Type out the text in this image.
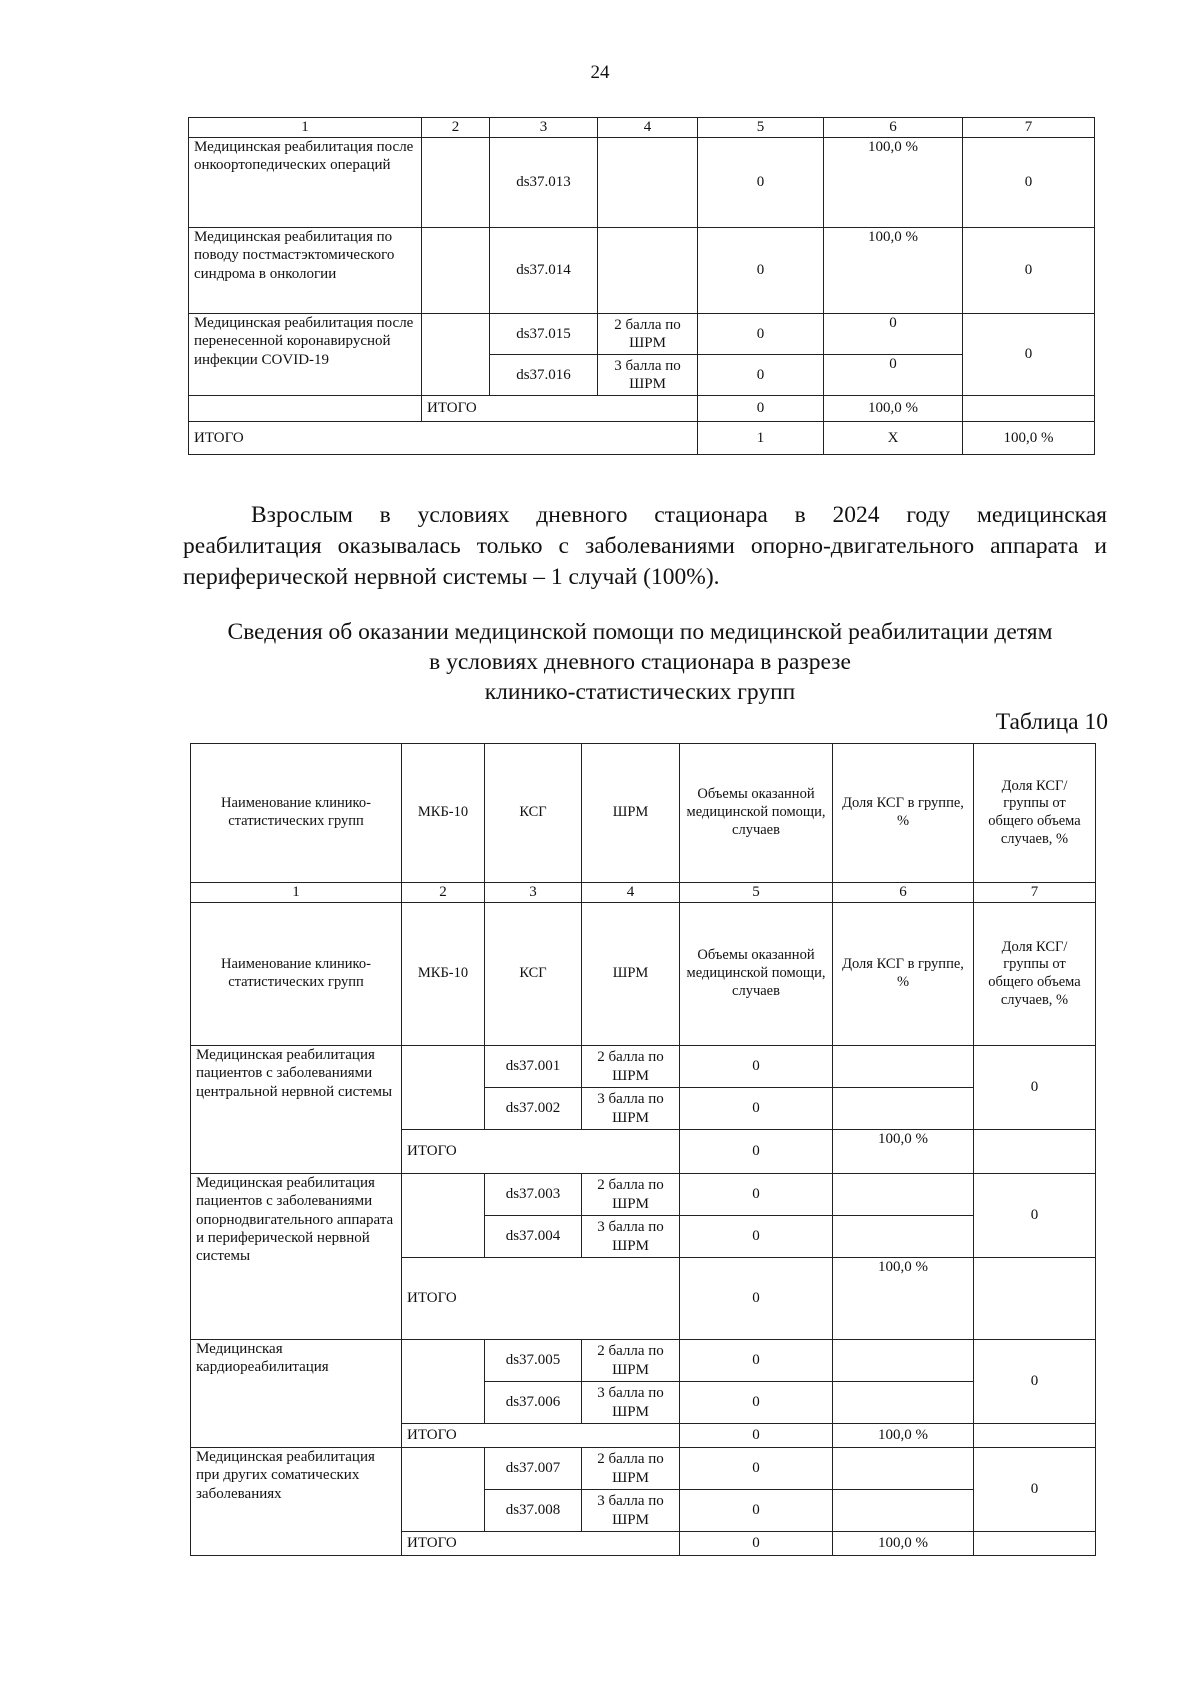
24
1	2	3	4	5	6	7
Медицинская реабилитация после онкоортопедических операций		ds37.013		0	100,0 %	0
Медицинская реабилитация по поводу постмастэктомического синдрома в онкологии		ds37.014		0	100,0 %	0
Медицинская реабилитация после перенесенной коронавирусной инфекции COVID-19		ds37.015	2 балла по ШРМ	0	0	0
		ds37.016	3 балла по ШРМ	0	0	
	ИТОГО			0	100,0 %	
ИТОГО				1	X	100,0 %
Взрослым в условиях дневного стационара в 2024 году медицинская
реабилитация оказывалась только с заболеваниями опорно-двигательного аппарата и периферической нервной системы – 1 случай (100%).
Сведения об оказании медицинской помощи по медицинской реабилитации детям
в условиях дневного стационара в разрезе
клинико-статистических групп
Таблица 10
Наименование клинико-статистических групп	МКБ-10	КСГ	ШРМ	Объемы оказанной медицинской помощи, случаев	Доля КСГ в группе, %	Доля КСГ/группы от общего объема случаев, %
1	2	3	4	5	6	7
Наименование клинико-статистических групп	МКБ-10	КСГ	ШРМ	Объемы оказанной медицинской помощи, случаев	Доля КСГ в группе, %	Доля КСГ/группы от общего объема случаев, %
Медицинская реабилитация пациентов с заболеваниями центральной нервной системы		ds37.001	2 балла по ШРМ	0		0
		ds37.002	3 балла по ШРМ	0		
	ИТОГО			0	100,0 %	
Медицинская реабилитация пациентов с заболеваниями опорнодвигательного аппарата и периферической нервной системы		ds37.003	2 балла по ШРМ	0		0
		ds37.004	3 балла по ШРМ	0		
	ИТОГО			0	100,0 %	
Медицинская кардиореабилитация		ds37.005	2 балла по ШРМ	0		0
		ds37.006	3 балла по ШРМ	0		
	ИТОГО			0	100,0 %	
Медицинская реабилитация при других соматических заболеваниях		ds37.007	2 балла по ШРМ	0		0
		ds37.008	3 балла по ШРМ	0		
	ИТОГО			0	100,0 %	
